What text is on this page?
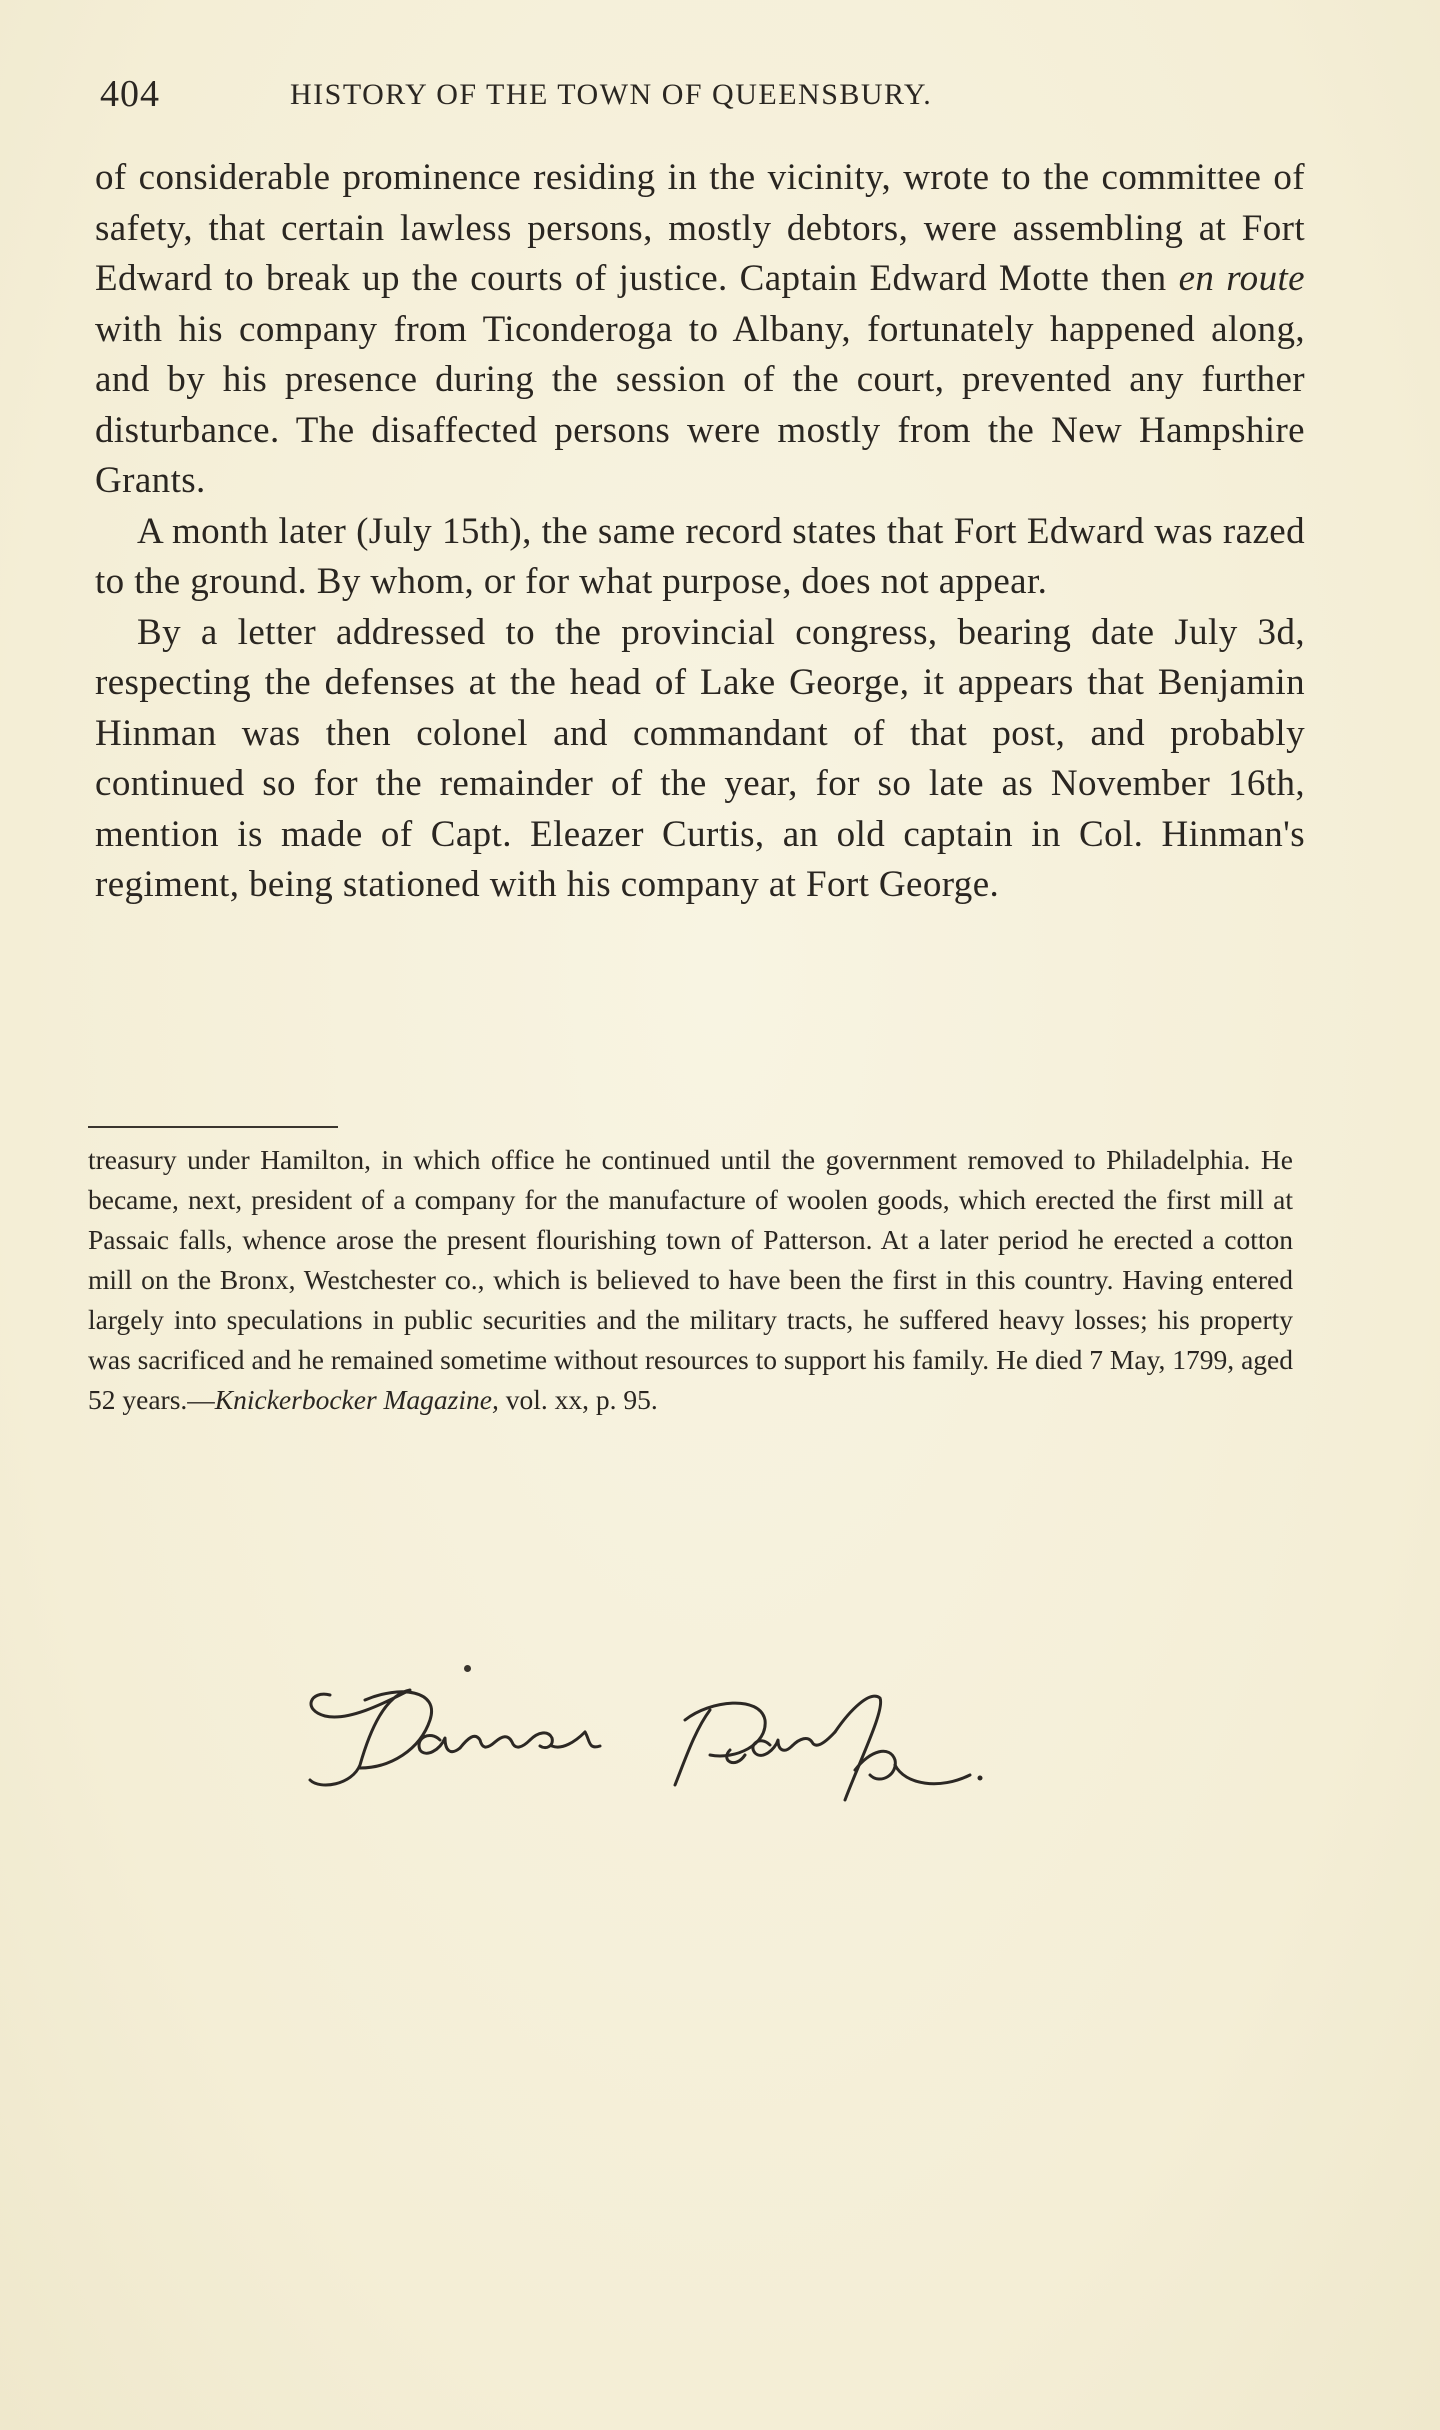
404	HISTORY OF THE TOWN OF QUEENSBURY.

of considerable prominence residing in the vicinity, wrote to the committee of safety, that certain lawless persons, mostly debtors, were assembling at Fort Edward to break up the courts of justice. Captain Edward Motte then en route with his company from Ticonderoga to Albany, fortunately happened along, and by his presence during the session of the court, prevented any further disturbance. The disaffected persons were mostly from the New Hampshire Grants.

A month later (July 15th), the same record states that Fort Edward was razed to the ground. By whom, or for what purpose, does not appear.

By a letter addressed to the provincial congress, bearing date July 3d, respecting the defenses at the head of Lake George, it appears that Benjamin Hinman was then colonel and commandant of that post, and probably continued so for the remainder of the year, for so late as November 16th, mention is made of Capt. Eleazer Curtis, an old captain in Col. Hinman's regiment, being stationed with his company at Fort George.

treasury under Hamilton, in which office he continued until the government removed to Philadelphia. He became, next, president of a company for the manufacture of woolen goods, which erected the first mill at Passaic falls, whence arose the present flourishing town of Patterson. At a later period he erected a cotton mill on the Bronx, Westchester co., which is believed to have been the first in this country. Having entered largely into speculations in public securities and the military tracts, he suffered heavy losses; his property was sacrificed and he remained sometime without resources to support his family. He died 7 May, 1799, aged 52 years.—Knickerbocker Magazine, vol. xx, p. 95.
